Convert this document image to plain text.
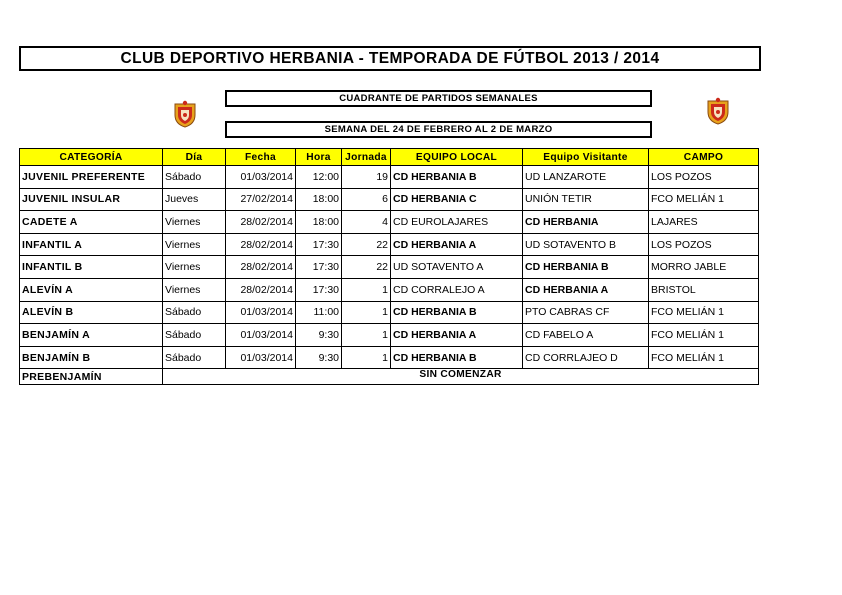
CLUB DEPORTIVO HERBANIA - TEMPORADA DE FÚTBOL 2013 / 2014
CUADRANTE DE PARTIDOS SEMANALES
SEMANA DEL 24 DE FEBRERO AL 2 DE MARZO
CATEGORÍA	Día	Fecha	Hora	Jornada	EQUIPO LOCAL	Equipo Visitante	CAMPO
JUVENIL PREFERENTE	Sábado	01/03/2014	12:00	19	CD HERBANIA B	UD LANZAROTE	LOS POZOS
JUVENIL INSULAR	Jueves	27/02/2014	18:00	6	CD HERBANIA C	UNIÓN TETIR	FCO MELIÁN 1
CADETE A	Viernes	28/02/2014	18:00	4	CD EUROLAJARES	CD HERBANIA	LAJARES
INFANTIL A	Viernes	28/02/2014	17:30	22	CD HERBANIA A	UD SOTAVENTO B	LOS POZOS
INFANTIL B	Viernes	28/02/2014	17:30	22	UD SOTAVENTO A	CD HERBANIA B	MORRO JABLE
ALEVÍN A	Viernes	28/02/2014	17:30	1	CD CORRALEJO A	CD HERBANIA A	BRISTOL
ALEVÍN B	Sábado	01/03/2014	11:00	1	CD HERBANIA B	PTO CABRAS CF	FCO MELIÁN 1
BENJAMÍN A	Sábado	01/03/2014	9:30	1	CD HERBANIA A	CD FABELO A	FCO MELIÁN 1
BENJAMÍN B	Sábado	01/03/2014	9:30	1	CD HERBANIA B	CD CORRLAJEO D	FCO MELIÁN 1
PREBENJAMÍN	SIN COMENZAR						
